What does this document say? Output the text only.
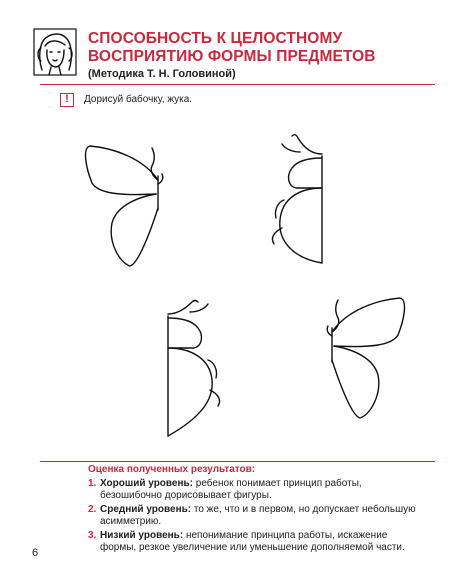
СПОСОБНОСТЬ К ЦЕЛОСТНОМУ ВОСПРИЯТИЮ ФОРМЫ ПРЕДМЕТОВ
(Методика Т. Н. Головиной)
!	Дорисуй бабочку, жука.
Оценка полученных результатов:
1. Хороший уровень: ребенок понимает принцип работы, безошибочно дорисовывает фигуры.
2. Средний уровень: то же, что и в первом, но допускает небольшую асимметрию.
3. Низкий уровень: непонимание принципа работы, искажение формы, резкое увеличение или уменьшение дополняемой части.
6
